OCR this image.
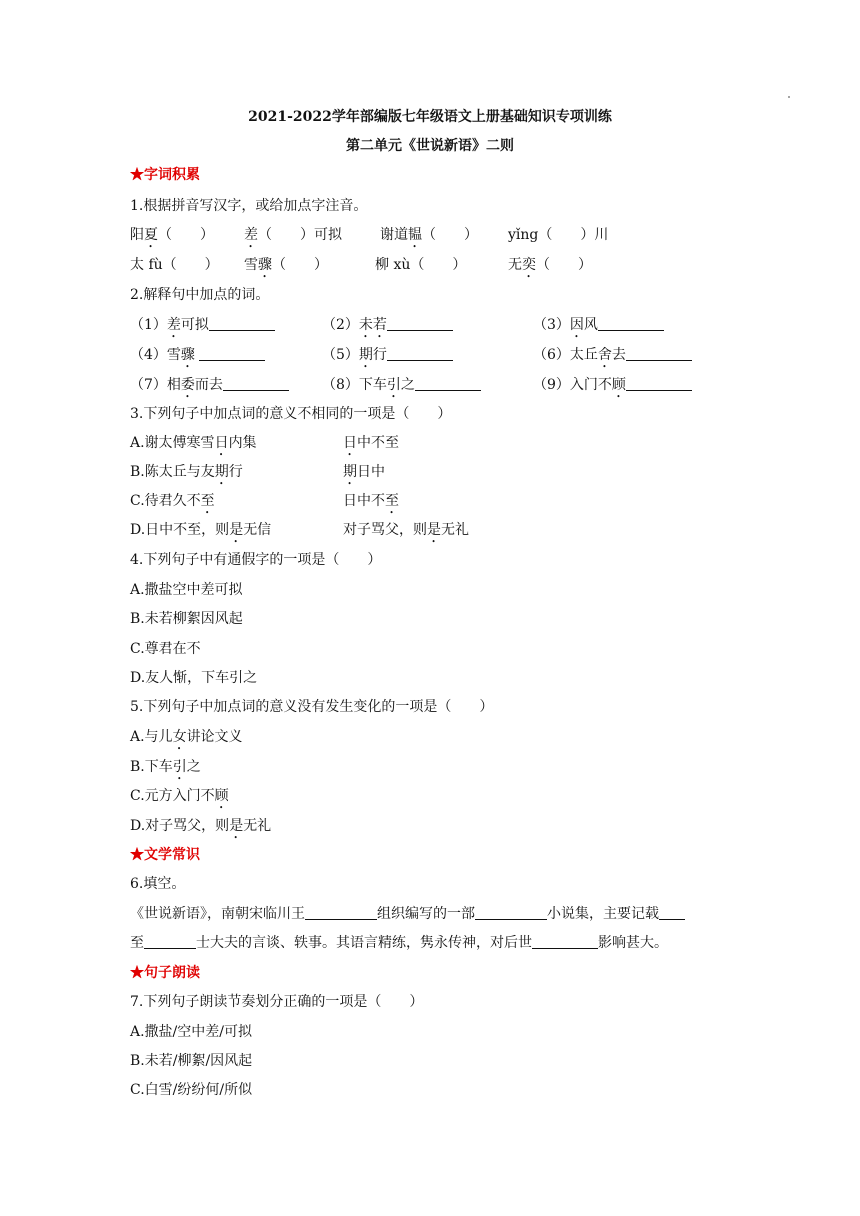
2021-2022学年部编版七年级语文上册基础知识专项训练
第二单元《世说新语》二则
★字词积累
1.根据拼音写汉字，或给加点字注音。
阳夏（　　） 差（　　）可拟	谢道韫（　　） yǐng（　　）川
太 fù（　　） 雪骤（　　）	柳 xù（　　）	无奕（　　）
2.解释句中加点的词。
（1）差可拟	（2）未若	（3）因风
（4）雪骤	（5）期行	（6）太丘舍去
（7）相委而去	（8）下车引之	（9）入门不顾
3.下列句子中加点词的意义不相同的一项是（　　）
A.谢太傅寒雪日内集	日中不至
B.陈太丘与友期行	期日中
C.待君久不至	日中不至
D.日中不至，则是无信	对子骂父，则是无礼
4.下列句子中有通假字的一项是（　　）
A.撒盐空中差可拟
B.未若柳絮因风起
C.尊君在不
D.友人惭，下车引之
5.下列句子中加点词的意义没有发生变化的一项是（　　）
A.与儿女讲论文义
B.下车引之
C.元方入门不顾
D.对子骂父，则是无礼
★文学常识
6.填空。
《世说新语》，南朝宋临川王	组织编写的一部	小说集，主要记载
至	士大夫的言谈、轶事。其语言精练，隽永传神，对后世	影响甚大。
★句子朗读
7.下列句子朗读节奏划分正确的一项是（　　）
A.撒盐/空中差/可拟
B.未若/柳絮/因风起
C.白雪/纷纷何/所似
